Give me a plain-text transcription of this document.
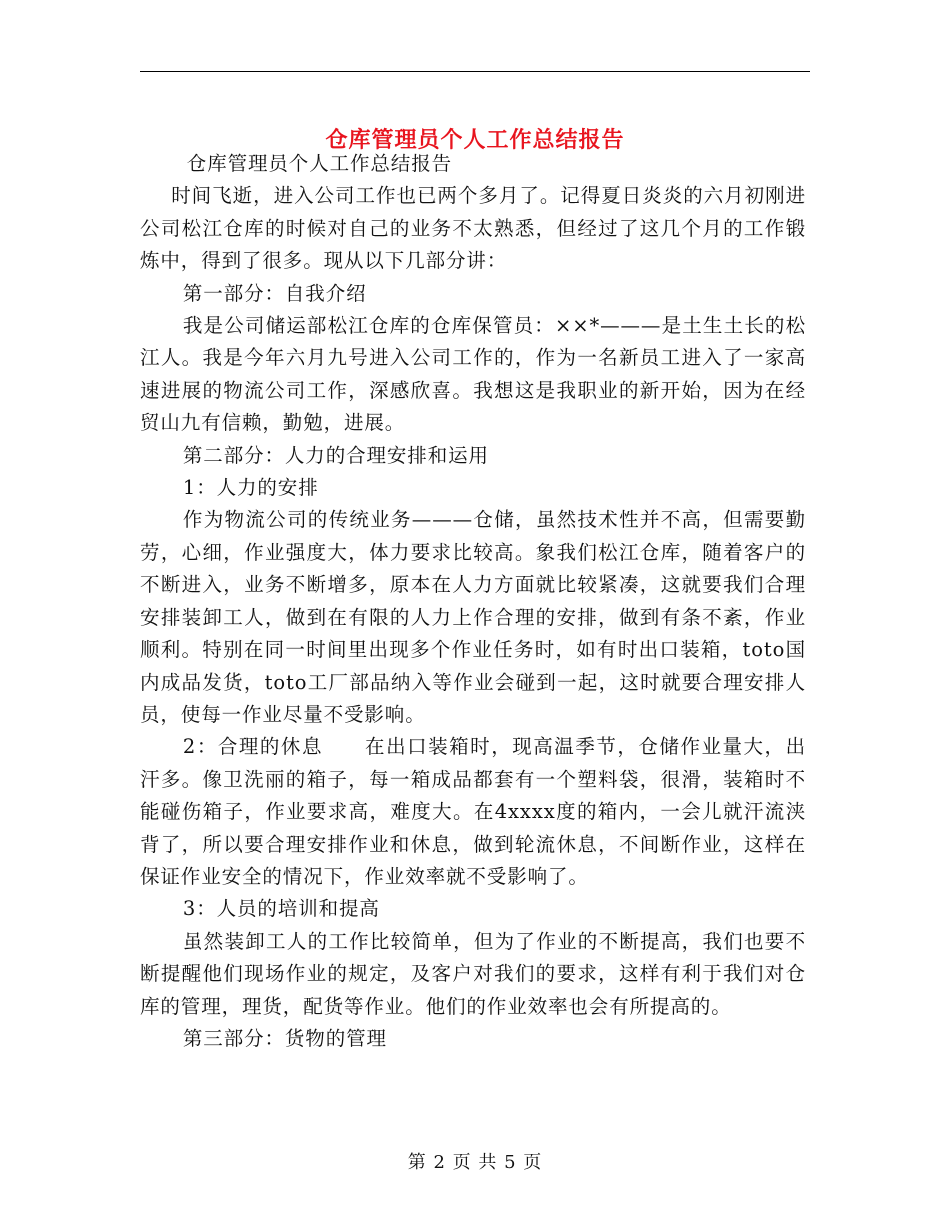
仓库管理员个人工作总结报告

仓库管理员个人工作总结报告

时间飞逝，进入公司工作也已两个多月了。记得夏日炎炎的六月初刚进公司松江仓库的时候对自己的业务不太熟悉，但经过了这几个月的工作锻炼中，得到了很多。现从以下几部分讲：

第一部分：自我介绍

我是公司储运部松江仓库的仓库保管员：××*———是土生土长的松江人。我是今年六月九号进入公司工作的，作为一名新员工进入了一家高速进展的物流公司工作，深感欣喜。我想这是我职业的新开始，因为在经贸山九有信赖，勤勉，进展。

第二部分：人力的合理安排和运用

1：人力的安排

作为物流公司的传统业务———仓储，虽然技术性并不高，但需要勤劳，心细，作业强度大，体力要求比较高。象我们松江仓库，随着客户的不断进入，业务不断增多，原本在人力方面就比较紧凑，这就要我们合理安排装卸工人，做到在有限的人力上作合理的安排，做到有条不紊，作业顺利。特别在同一时间里出现多个作业任务时，如有时出口装箱，toto国内成品发货，toto工厂部品纳入等作业会碰到一起，这时就要合理安排人员，使每一作业尽量不受影响。

2：合理的休息　　在出口装箱时，现高温季节，仓储作业量大，出汗多。像卫洗丽的箱子，每一箱成品都套有一个塑料袋，很滑，装箱时不能碰伤箱子，作业要求高，难度大。在4xxxx度的箱内，一会儿就汗流浃背了，所以要合理安排作业和休息，做到轮流休息，不间断作业，这样在保证作业安全的情况下，作业效率就不受影响了。

3：人员的培训和提高

虽然装卸工人的工作比较简单，但为了作业的不断提高，我们也要不断提醒他们现场作业的规定，及客户对我们的要求，这样有利于我们对仓库的管理，理货，配货等作业。他们的作业效率也会有所提高的。

第三部分：货物的管理

第 2 页 共 5 页
